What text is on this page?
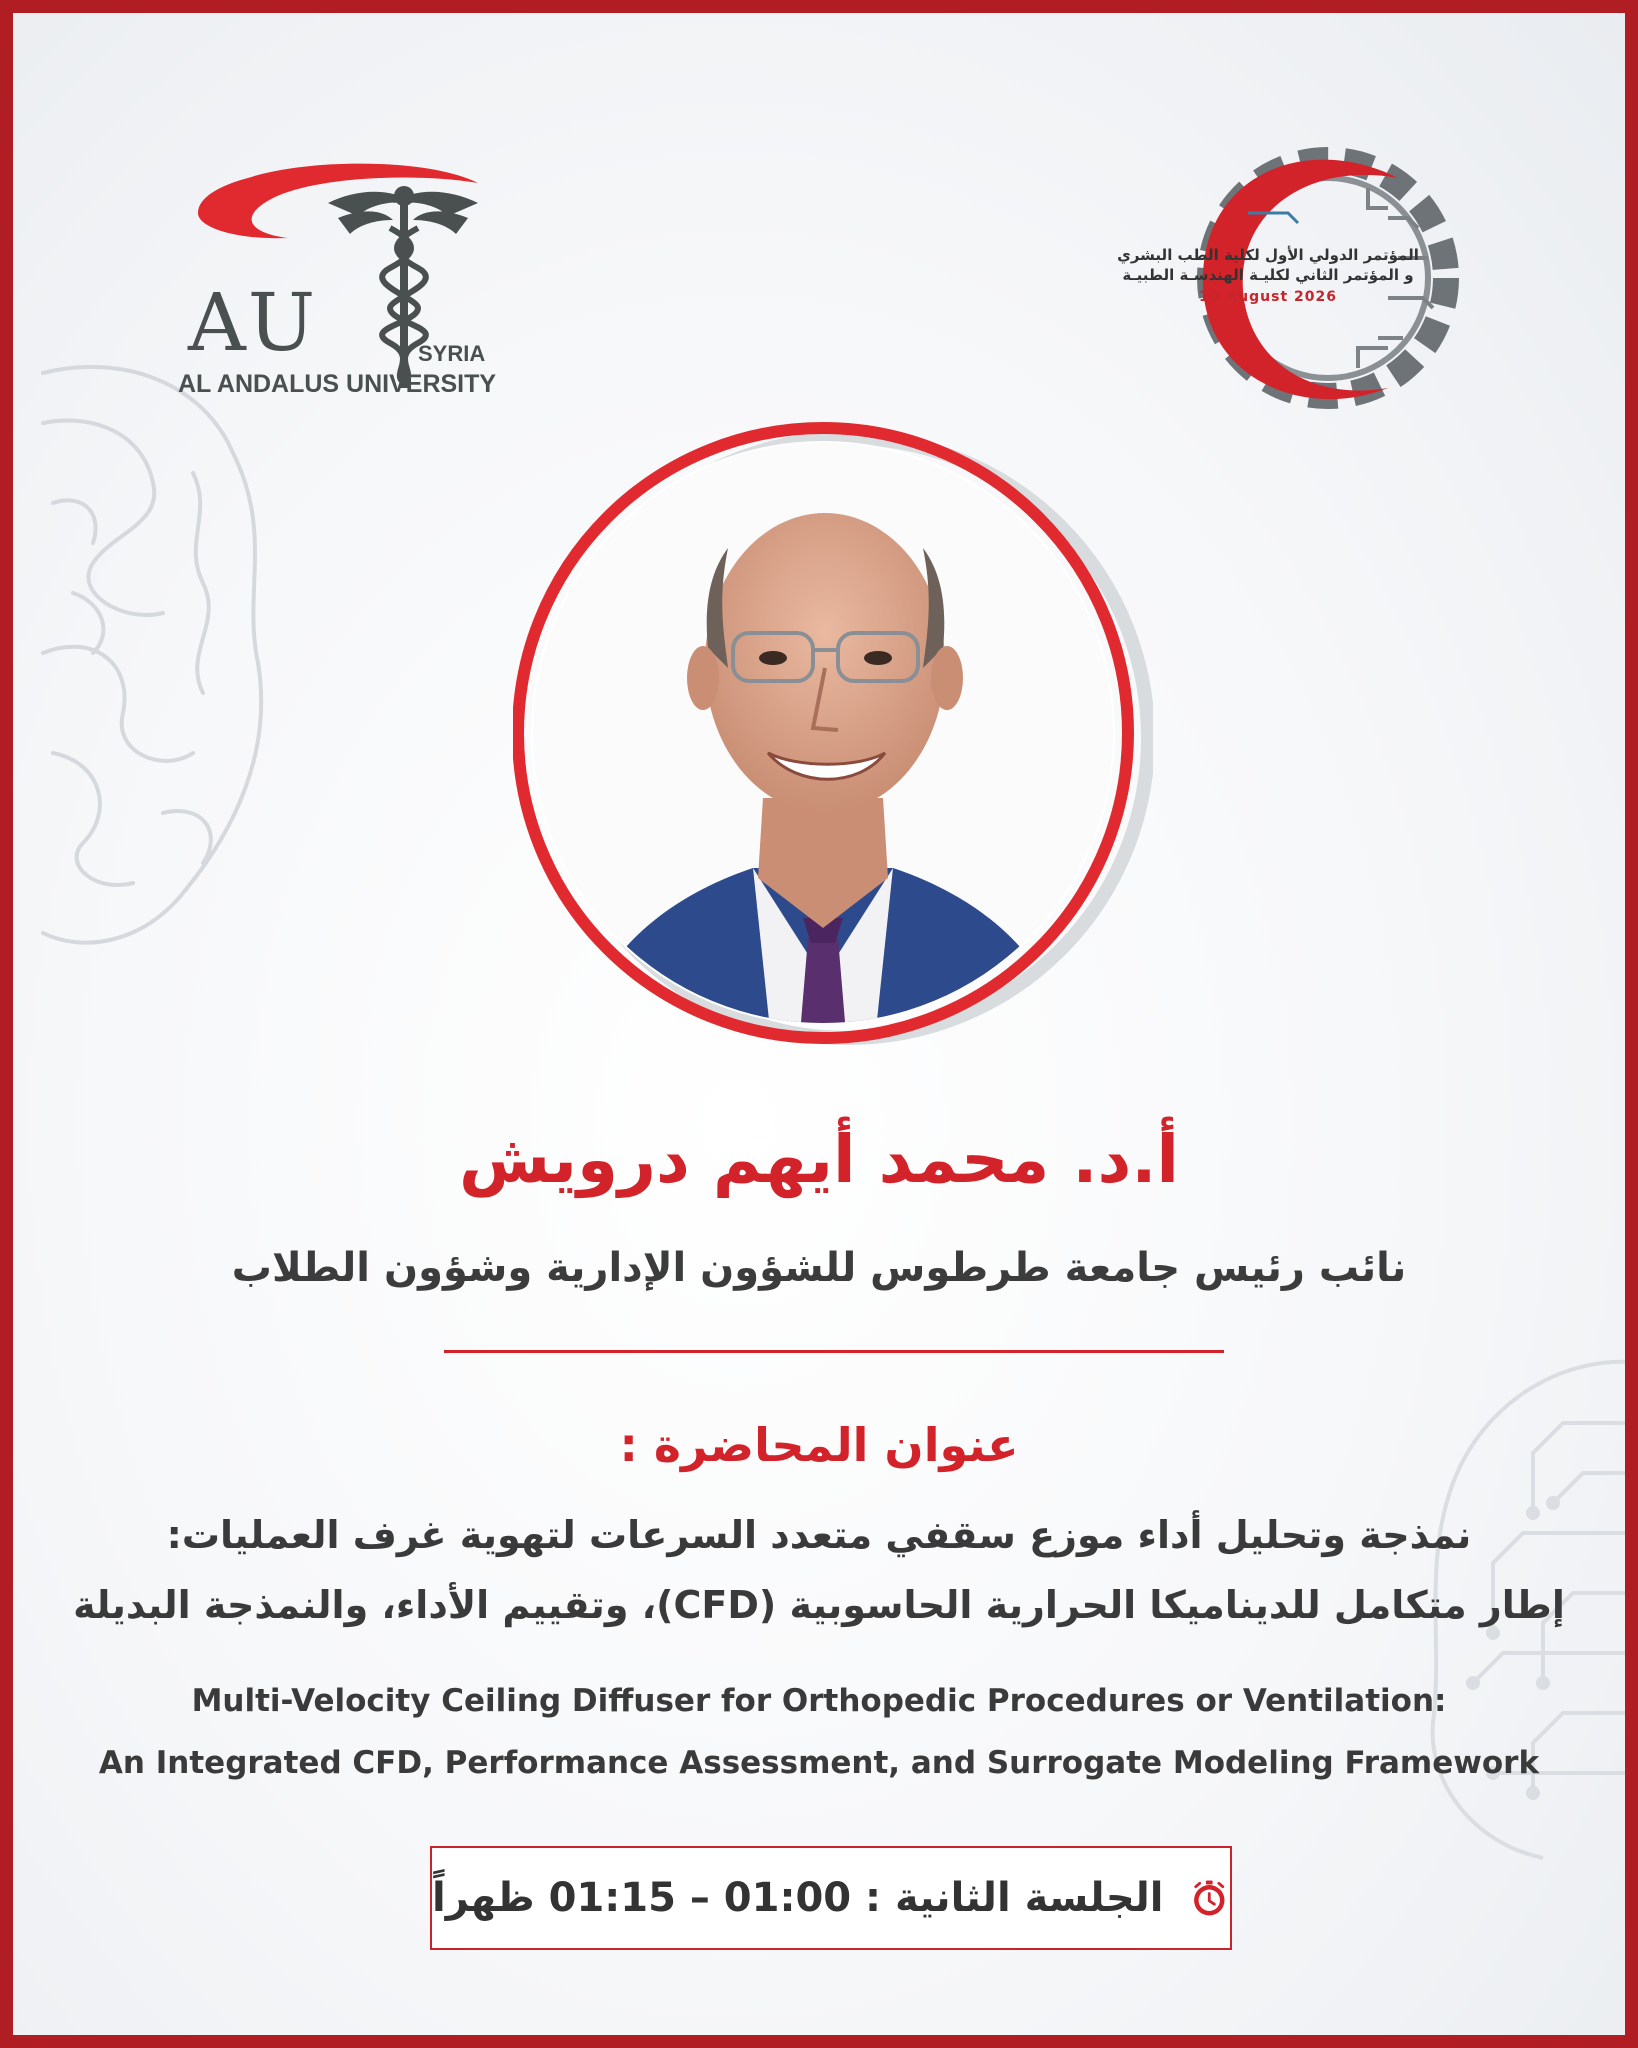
AU	SYRIA
AL ANDALUS UNIVERSITY
المؤتمر الدولي الأول لكلية الطب البشري
و المؤتمر الثاني لكليـة الهندسـة الطبيـة
10 August 2026
أ.د. محمد أيهم درويش
نائب رئيس جامعة طرطوس للشؤون الإدارية وشؤون الطلاب
عنوان المحاضرة :
نمذجة وتحليل أداء موزع سقفي متعدد السرعات لتهوية غرف العمليات:
إطار متكامل للديناميكا الحرارية الحاسوبية (CFD)، وتقييم الأداء، والنمذجة البديلة
Multi-Velocity Ceiling Diffuser for Orthopedic Procedures or Ventilation:
An Integrated CFD, Performance Assessment, and Surrogate Modeling Framework
الجلسة الثانية : 01:00 – 01:15 ظهراً
